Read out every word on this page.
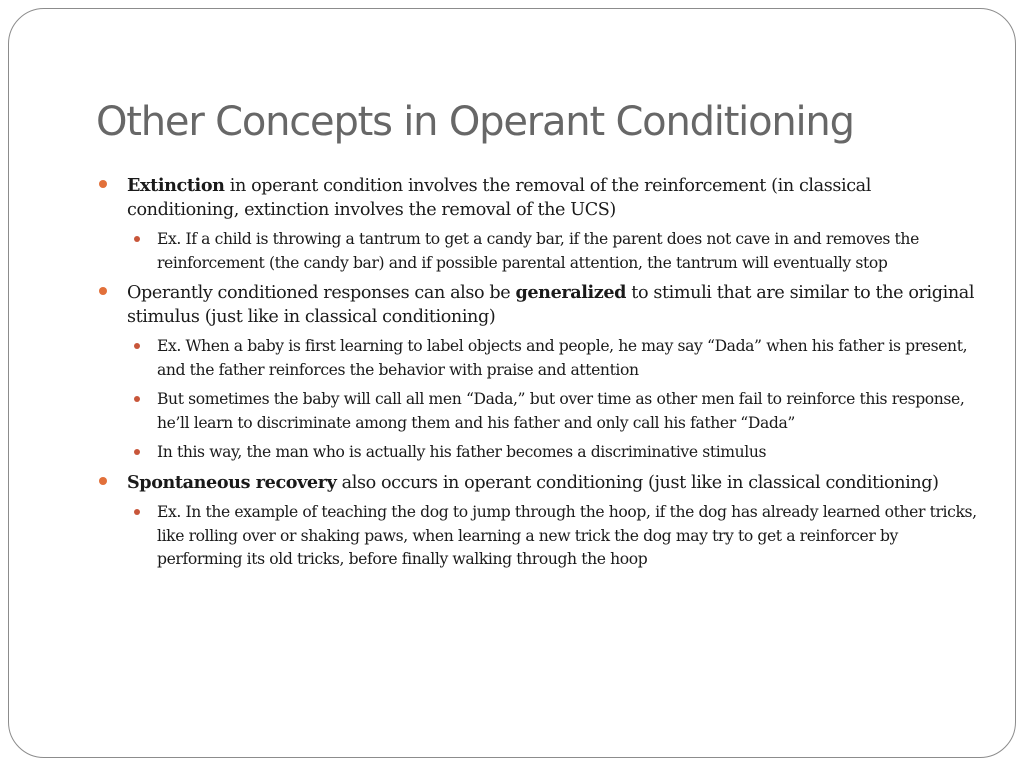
Other Concepts in Operant Conditioning
Extinction in operant condition involves the removal of the reinforcement (in classical conditioning, extinction involves the removal of the UCS)
Ex. If a child is throwing a tantrum to get a candy bar, if the parent does not cave in and removes the reinforcement (the candy bar) and if possible parental attention, the tantrum will eventually stop
Operantly conditioned responses can also be generalized to stimuli that are similar to the original stimulus (just like in classical conditioning)
Ex. When a baby is first learning to label objects and people, he may say “Dada” when his father is present, and the father reinforces the behavior with praise and attention
But sometimes the baby will call all men “Dada,” but over time as other men fail to reinforce this response, he’ll learn to discriminate among them and his father and only call his father “Dada”
In this way, the man who is actually his father becomes a discriminative stimulus
Spontaneous recovery also occurs in operant conditioning (just like in classical conditioning)
Ex. In the example of teaching the dog to jump through the hoop, if the dog has already learned other tricks, like rolling over or shaking paws, when learning a new trick the dog may try to get a reinforcer by performing its old tricks, before finally walking through the hoop
